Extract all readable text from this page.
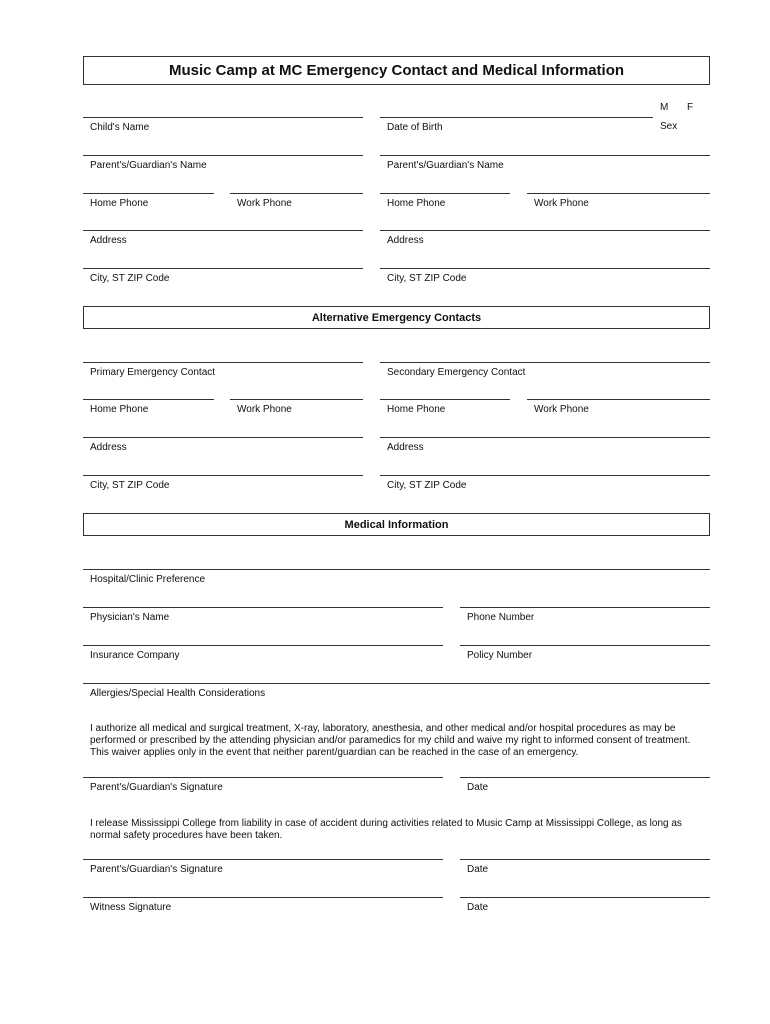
Music Camp at MC Emergency Contact and Medical Information
M F
Child's Name	Date of Birth	Sex
Parent's/Guardian's Name	Parent's/Guardian's Name
Home Phone	Work Phone	Home Phone	Work Phone
Address	Address
City, ST ZIP Code	City, ST ZIP Code
Alternative Emergency Contacts
Primary Emergency Contact	Secondary Emergency Contact
Home Phone	Work Phone	Home Phone	Work Phone
Address	Address
City, ST ZIP Code	City, ST ZIP Code
Medical Information
Hospital/Clinic Preference
Physician's Name	Phone Number
Insurance Company	Policy Number
Allergies/Special Health Considerations
I authorize all medical and surgical treatment, X-ray, laboratory, anesthesia, and other medical and/or hospital procedures as may be performed or prescribed by the attending physician and/or paramedics for my child and waive my right to informed consent of treatment. This waiver applies only in the event that neither parent/guardian can be reached in the case of an emergency.
Parent's/Guardian's Signature	Date
I release Mississippi College from liability in case of accident during activities related to Music Camp at Mississippi College, as long as normal safety procedures have been taken.
Parent's/Guardian's Signature	Date
Witness Signature	Date
